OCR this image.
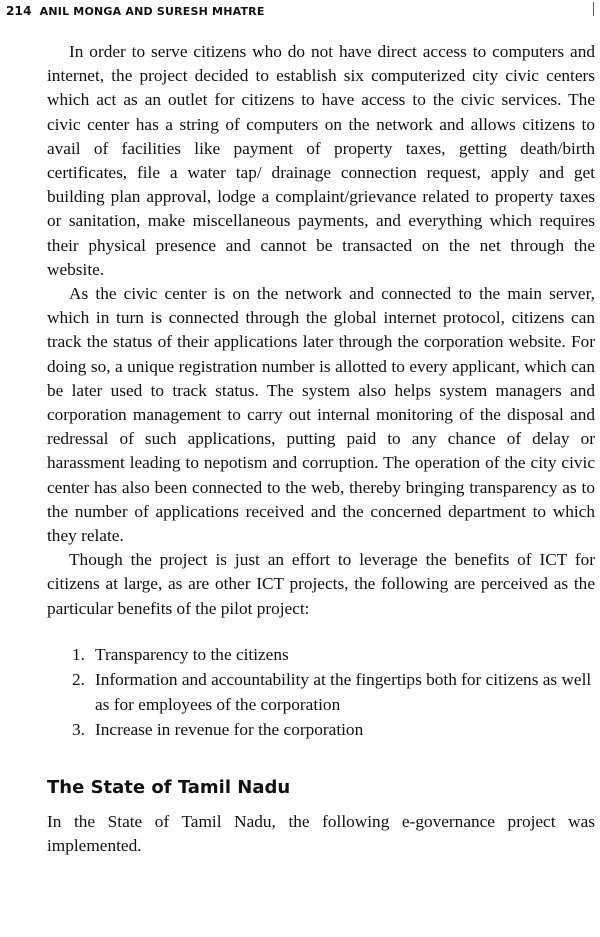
214 ANIL MONGA AND SURESH MHATRE

In order to serve citizens who do not have direct access to computers and internet, the project decided to establish six computerized city civic centers which act as an outlet for citizens to have access to the civic services. The civic center has a string of computers on the network and allows citizens to avail of facilities like payment of property taxes, getting death/​birth certificates, file a water tap/ drainage connection request, apply and get building plan approval, lodge a complaint/​grievance related to property taxes or sanitation, make miscellaneous payments, and everything which requires their physical presence and cannot be transacted on the net through the website.

As the civic center is on the network and connected to the main server, which in turn is connected through the global internet protocol, citizens can track the status of their applications later through the corporation website. For doing so, a unique registration number is allotted to every applicant, which can be later used to track status. The system also helps system managers and corporation management to carry out internal monitoring of the disposal and redressal of such applications, putting paid to any chance of delay or harassment leading to nepotism and corruption. The operation of the city civic center has also been connected to the web, thereby bringing transparency as to the number of applications received and the concerned department to which they relate.

Though the project is just an effort to leverage the benefits of ICT for citizens at large, as are other ICT projects, the following are perceived as the particular benefits of the pilot project:

1. Transparency to the citizens
2. Information and accountability at the fingertips both for citizens as well as for employees of the corporation
3. Increase in revenue for the corporation
The State of Tamil Nadu

In the State of Tamil Nadu, the following e-governance project was implemented.
